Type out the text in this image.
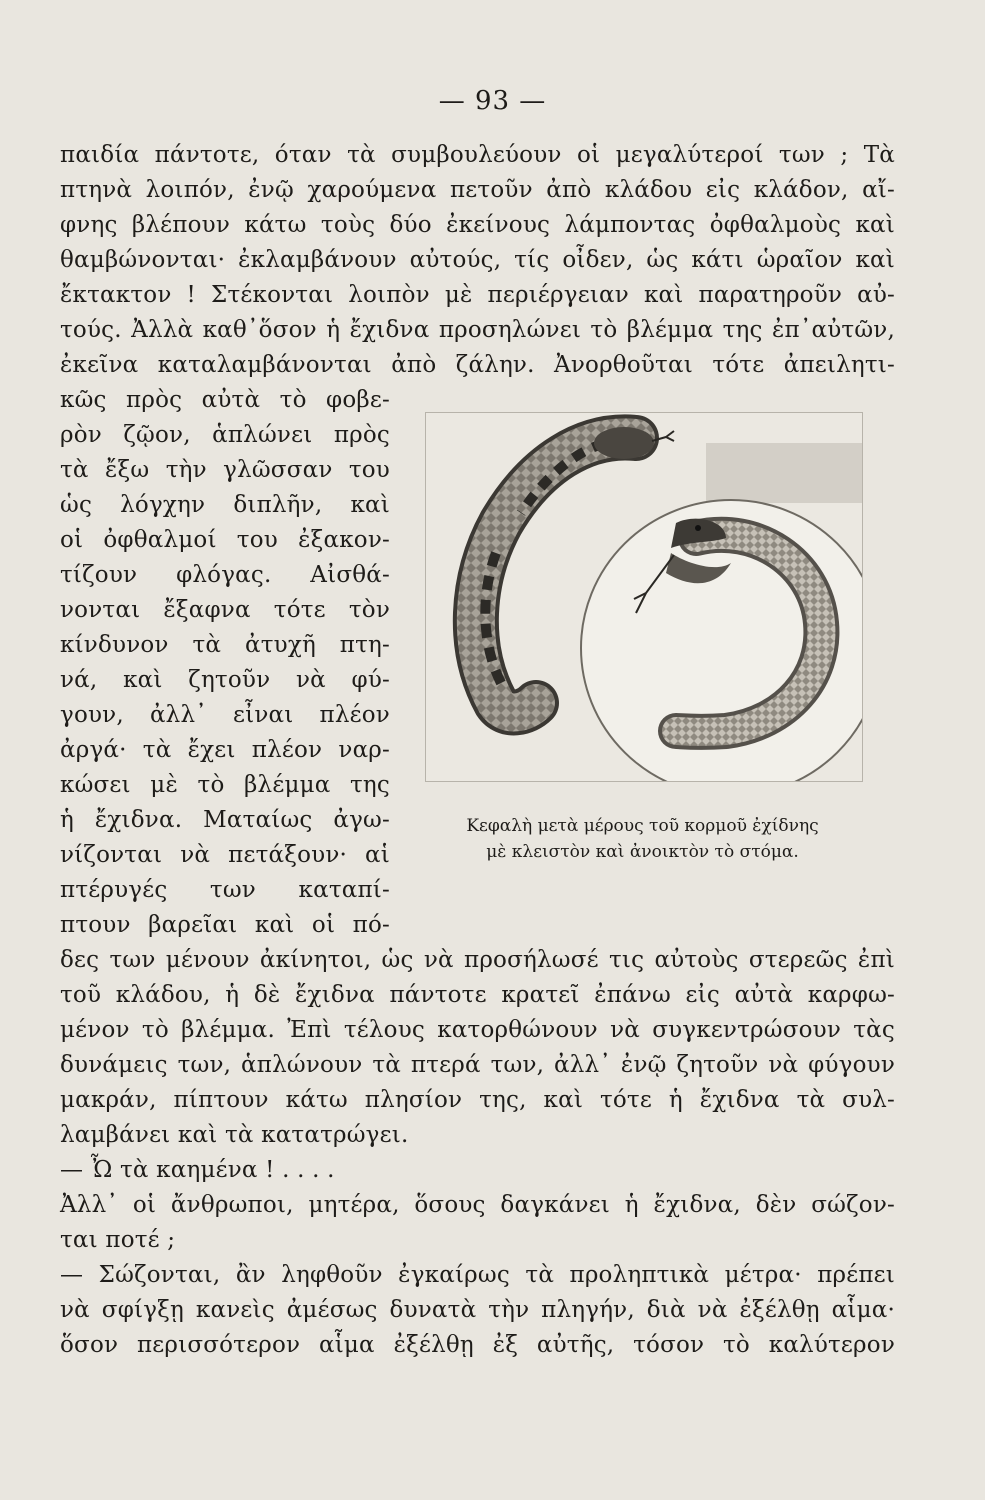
— 93 —
παιδία πάντοτε, όταν τὰ συμβουλεύουν οἱ μεγαλύτεροί των ; Τὰ
πτηνὰ λοιπόν, ἐνῷ χαρούμενα πετοῦν ἀπὸ κλάδου εἰς κλάδον, αἴ-
φνης βλέπουν κάτω τοὺς δύο ἐκείνους λάμποντας ὀφθαλμοὺς καὶ
θαμβώνονται· ἐκλαμβάνουν αὐτούς, τίς οἶδεν, ὡς κάτι ὡραῖον καὶ
ἔκτακτον ! Στέκονται λοιπὸν μὲ περιέργειαν καὶ παρατηροῦν αὐ-
τούς. Ἀλλὰ καθ᾽ὅσον ἡ ἔχιδνα προσηλώνει τὸ βλέμμα της ἐπ᾽αὐτῶν,
ἐκεῖνα καταλαμβάνονται ἀπὸ ζάλην. Ἀνορθοῦται τότε ἀπειλητι-
κῶς πρὸς αὐτὰ τὸ φοβε-
ρὸν ζῷον, ἁπλώνει πρὸς
τὰ ἔξω τὴν γλῶσσαν του
ὡς λόγχην διπλῆν, καὶ
οἱ ὀφθαλμοί του ἐξακον-
τίζουν φλόγας. Αἰσθά-
νονται ἔξαφνα τότε τὸν
κίνδυνον τὰ ἀτυχῆ πτη-
νά, καὶ ζητοῦν νὰ φύ-
γουν, ἀλλ᾽ εἶναι πλέον
ἀργά· τὰ ἔχει πλέον ναρ-
κώσει μὲ τὸ βλέμμα της
ἡ ἔχιδνα. Ματαίως ἀγω-
νίζονται νὰ πετάξουν· αἱ
πτέρυγές των καταπί-
πτουν βαρεῖαι καὶ οἱ πό-
Κεφαλὴ μετὰ μέρους τοῦ κορμοῦ ἐχίδνης
μὲ κλειστὸν καὶ ἀνοικτὸν τὸ στόμα.
δες των μένουν ἀκίνητοι, ὡς νὰ προσήλωσέ τις αὐτοὺς στερεῶς ἐπὶ
τοῦ κλάδου, ἡ δὲ ἔχιδνα πάντοτε κρατεῖ ἐπάνω εἰς αὐτὰ καρφω-
μένον τὸ βλέμμα. Ἐπὶ τέλους κατορθώνουν νὰ συγκεντρώσουν τὰς
δυνάμεις των, ἁπλώνουν τὰ πτερά των, ἀλλ᾽ ἐνῷ ζητοῦν νὰ φύγουν
μακράν, πίπτουν κάτω πλησίον της, καὶ τότε ἡ ἔχιδνα τὰ συλ-
λαμβάνει καὶ τὰ κατατρώγει.
— Ὦ τὰ καημένα ! . . . .
Ἀλλ᾽ οἱ ἄνθρωποι, μητέρα, ὅσους δαγκάνει ἡ ἔχιδνα, δὲν σώζον-
ται ποτέ ;
— Σώζονται, ἂν ληφθοῦν ἐγκαίρως τὰ προληπτικὰ μέτρα· πρέπει
νὰ σφίγξῃ κανεὶς ἀμέσως δυνατὰ τὴν πληγήν, διὰ νὰ ἐξέλθῃ αἷμα·
ὅσον περισσότερον αἷμα ἐξέλθῃ ἐξ αὐτῆς, τόσον τὸ καλύτερον
